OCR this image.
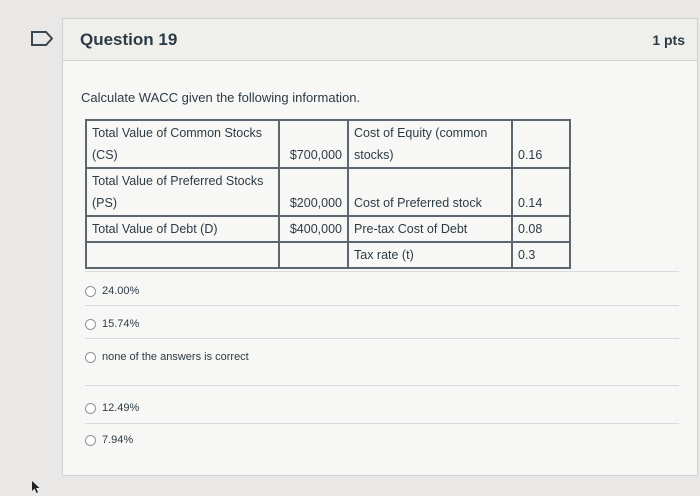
Question 19	1 pts
Calculate WACC given the following information.
Total Value of Common Stocks (CS)	$700,000	Cost of Equity (common stocks)	0.16
Total Value of Preferred Stocks (PS)	$200,000	Cost of Preferred stock	0.14
Total Value of Debt (D)	$400,000	Pre-tax Cost of Debt	0.08
		Tax rate (t)	0.3
24.00%
15.74%
none of the answers is correct
12.49%
7.94%
